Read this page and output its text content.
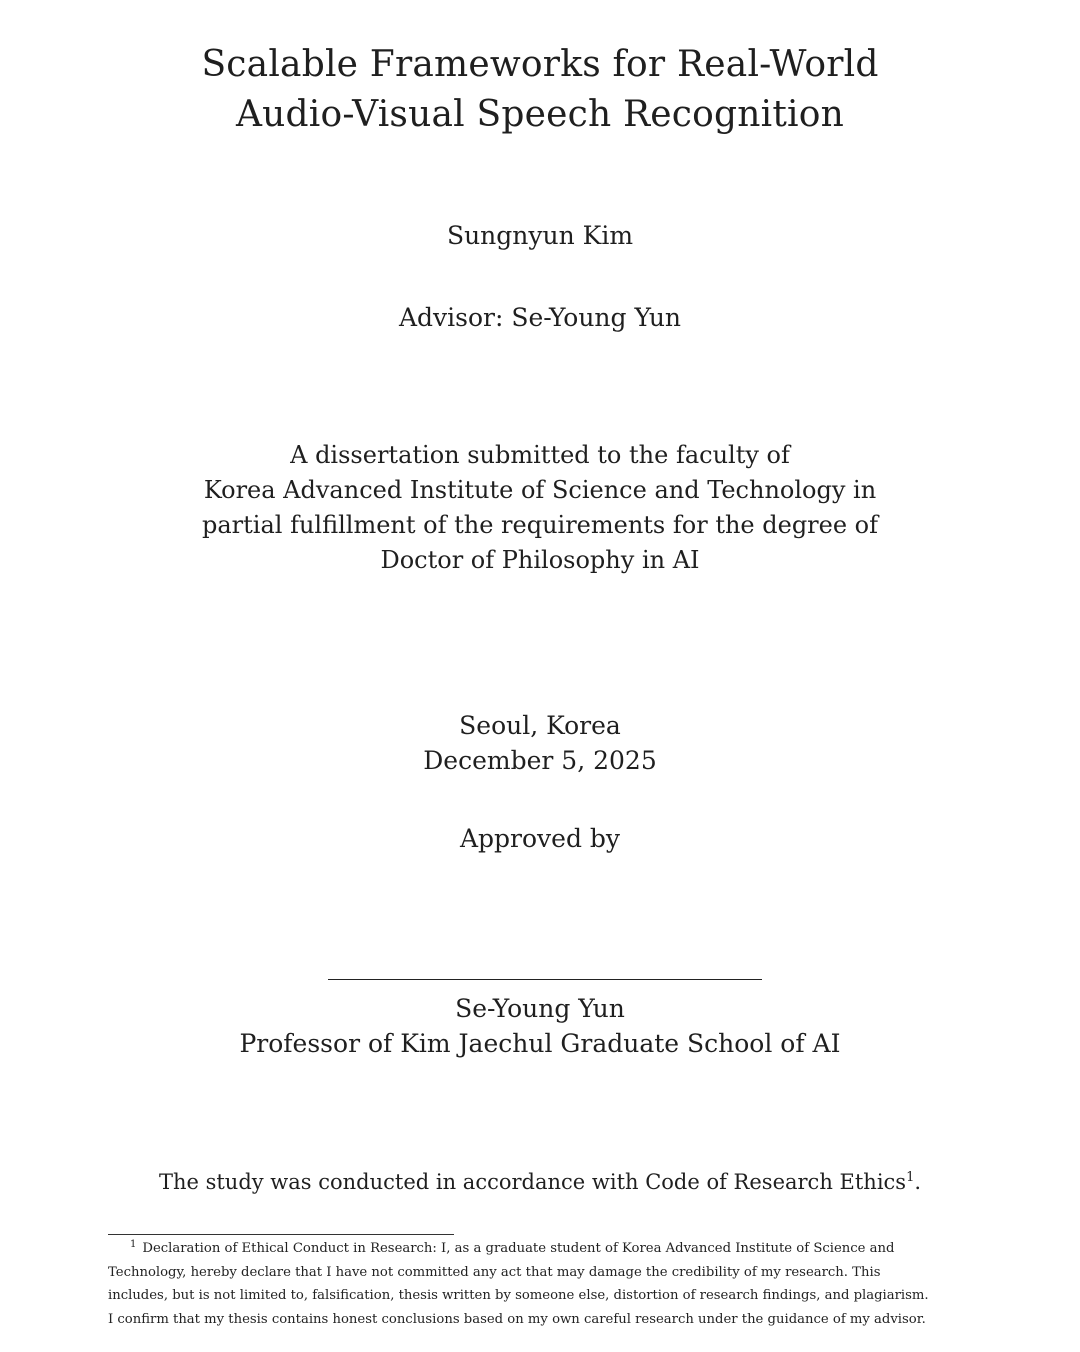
Scalable Frameworks for Real-World
Audio-Visual Speech Recognition
Sungnyun Kim
Advisor: Se-Young Yun
A dissertation submitted to the faculty of
Korea Advanced Institute of Science and Technology in
partial fulfillment of the requirements for the degree of
Doctor of Philosophy in AI
Seoul, Korea
December 5, 2025
Approved by
Se-Young Yun
Professor of Kim Jaechul Graduate School of AI
The study was conducted in accordance with Code of Research Ethics$^1$.
$^1$ Declaration of Ethical Conduct in Research: I, as a graduate student of Korea Advanced Institute of Science and
Technology, hereby declare that I have not committed any act that may damage the credibility of my research. This
includes, but is not limited to, falsification, thesis written by someone else, distortion of research findings, and plagiarism.
I confirm that my thesis contains honest conclusions based on my own careful research under the guidance of my advisor.
